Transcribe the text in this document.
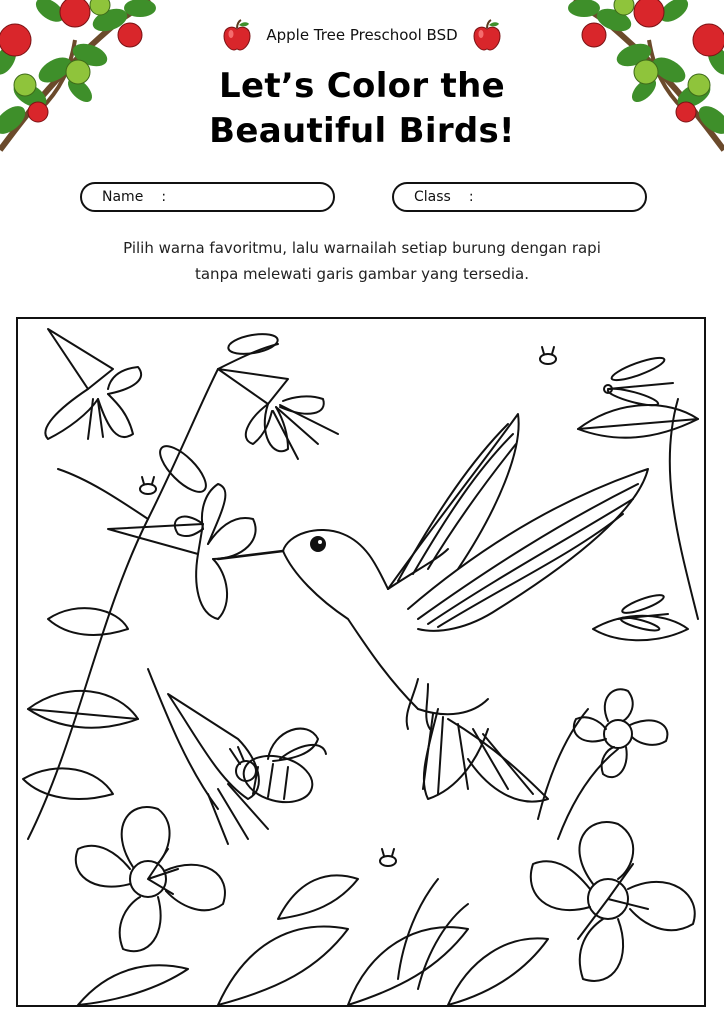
Apple Tree Preschool BSD
Let’s Color the
Beautiful Birds!
Name :	Class :
Pilih warna favoritmu, lalu warnailah setiap burung dengan rapi
tanpa melewati garis gambar yang tersedia.
